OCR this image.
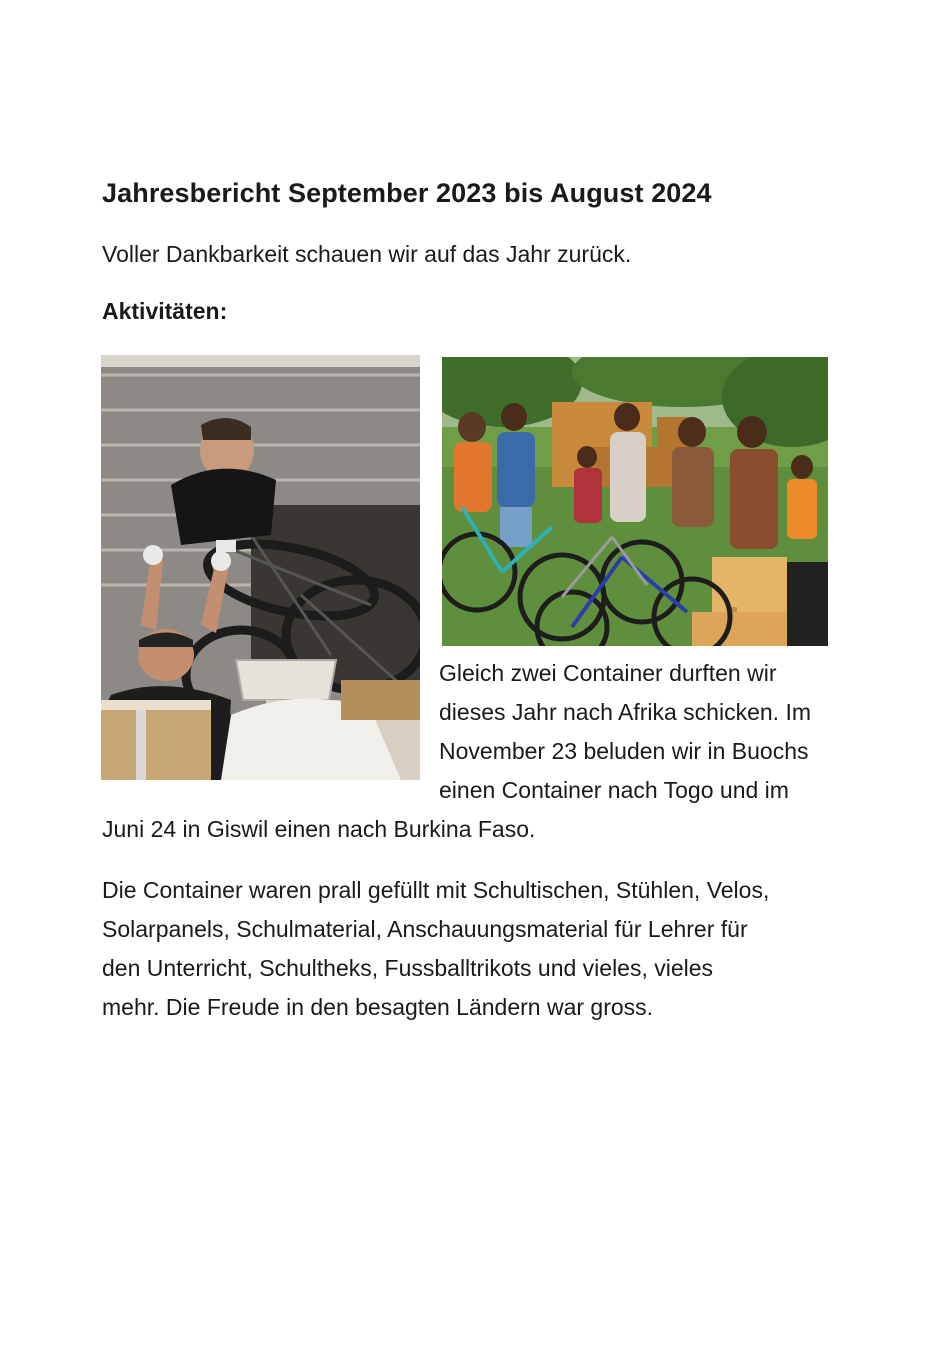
Jahresbericht September 2023 bis August 2024

Voller Dankbarkeit schauen wir auf das Jahr zurück.

Aktivitäten:

Gleich zwei Container durften wir

dieses Jahr nach Afrika schicken. Im

November 23 beluden wir in Buochs

einen Container nach Togo und im

Juni 24 in Giswil einen nach Burkina Faso.

Die Container waren prall gefüllt mit Schultischen, Stühlen, Velos,
Solarpanels, Schulmaterial, Anschauungsmaterial für Lehrer für
den Unterricht, Schultheks, Fussballtrikots und vieles, vieles
mehr. Die Freude in den besagten Ländern war gross.
